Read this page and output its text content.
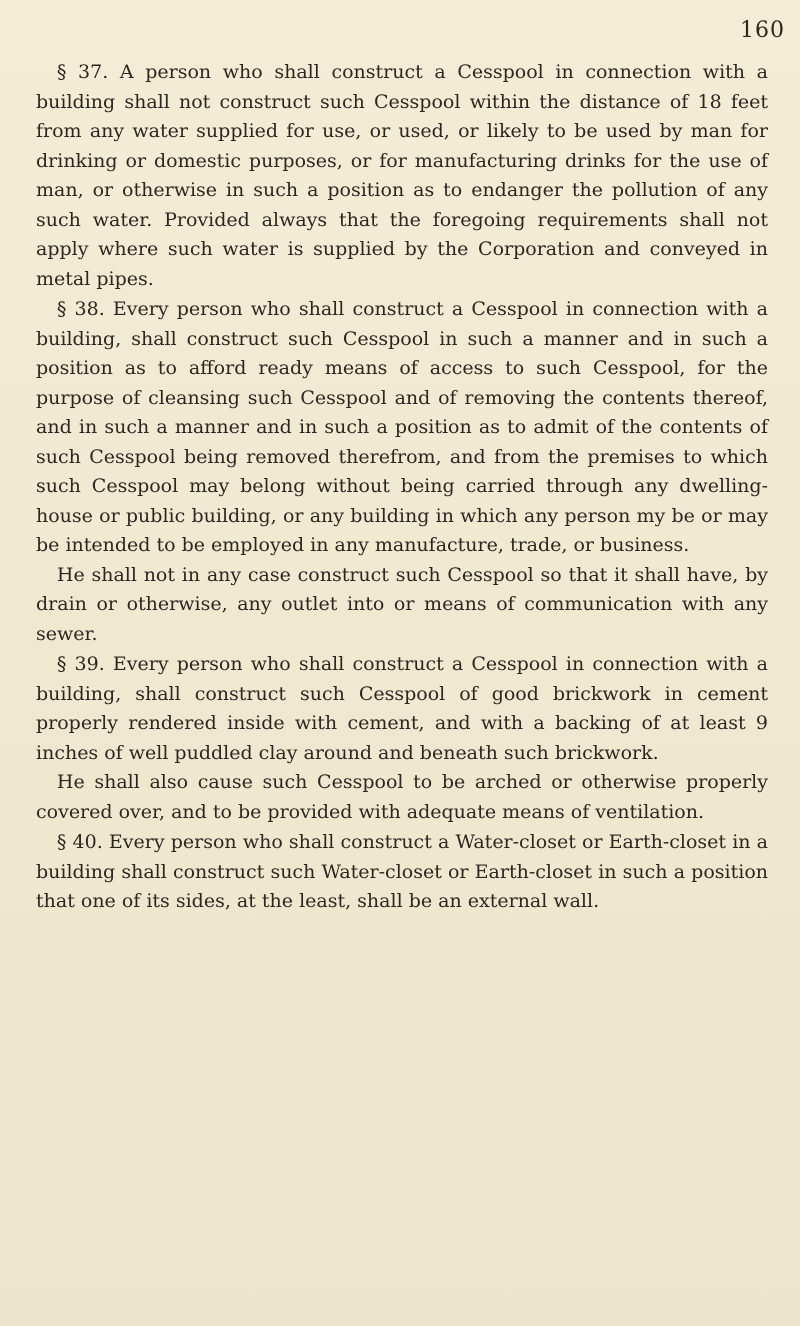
160

§ 37. A person who shall construct a Cesspool in connection with a building shall not construct such Cesspool within the distance of 18 feet from any water supplied for use, or used, or likely to be used by man for drinking or domestic purposes, or for manufacturing drinks for the use of man, or otherwise in such a position as to endanger the pollution of any such water. Provided always that the foregoing requirements shall not apply where such water is supplied by the Corporation and conveyed in metal pipes.

§ 38. Every person who shall construct a Cesspool in connection with a building, shall construct such Cesspool in such a manner and in such a position as to afford ready means of access to such Cesspool, for the purpose of cleansing such Cesspool and of removing the contents thereof, and in such a manner and in such a position as to admit of the contents of such Cesspool being removed therefrom, and from the premises to which such Cesspool may belong without being carried through any dwelling-house or public building, or any building in which any person my be or may be intended to be employed in any manufacture, trade, or business.

He shall not in any case construct such Cesspool so that it shall have, by drain or otherwise, any outlet into or means of communication with any sewer.

§ 39. Every person who shall construct a Cesspool in connection with a building, shall construct such Cesspool of good brickwork in cement properly rendered inside with cement, and with a backing of at least 9 inches of well puddled clay around and beneath such brickwork.

He shall also cause such Cesspool to be arched or otherwise properly covered over, and to be provided with adequate means of ventilation.

§ 40. Every person who shall construct a Water-closet or Earth-closet in a building shall construct such Water-closet or Earth-closet in such a position that one of its sides, at the least, shall be an external wall.
